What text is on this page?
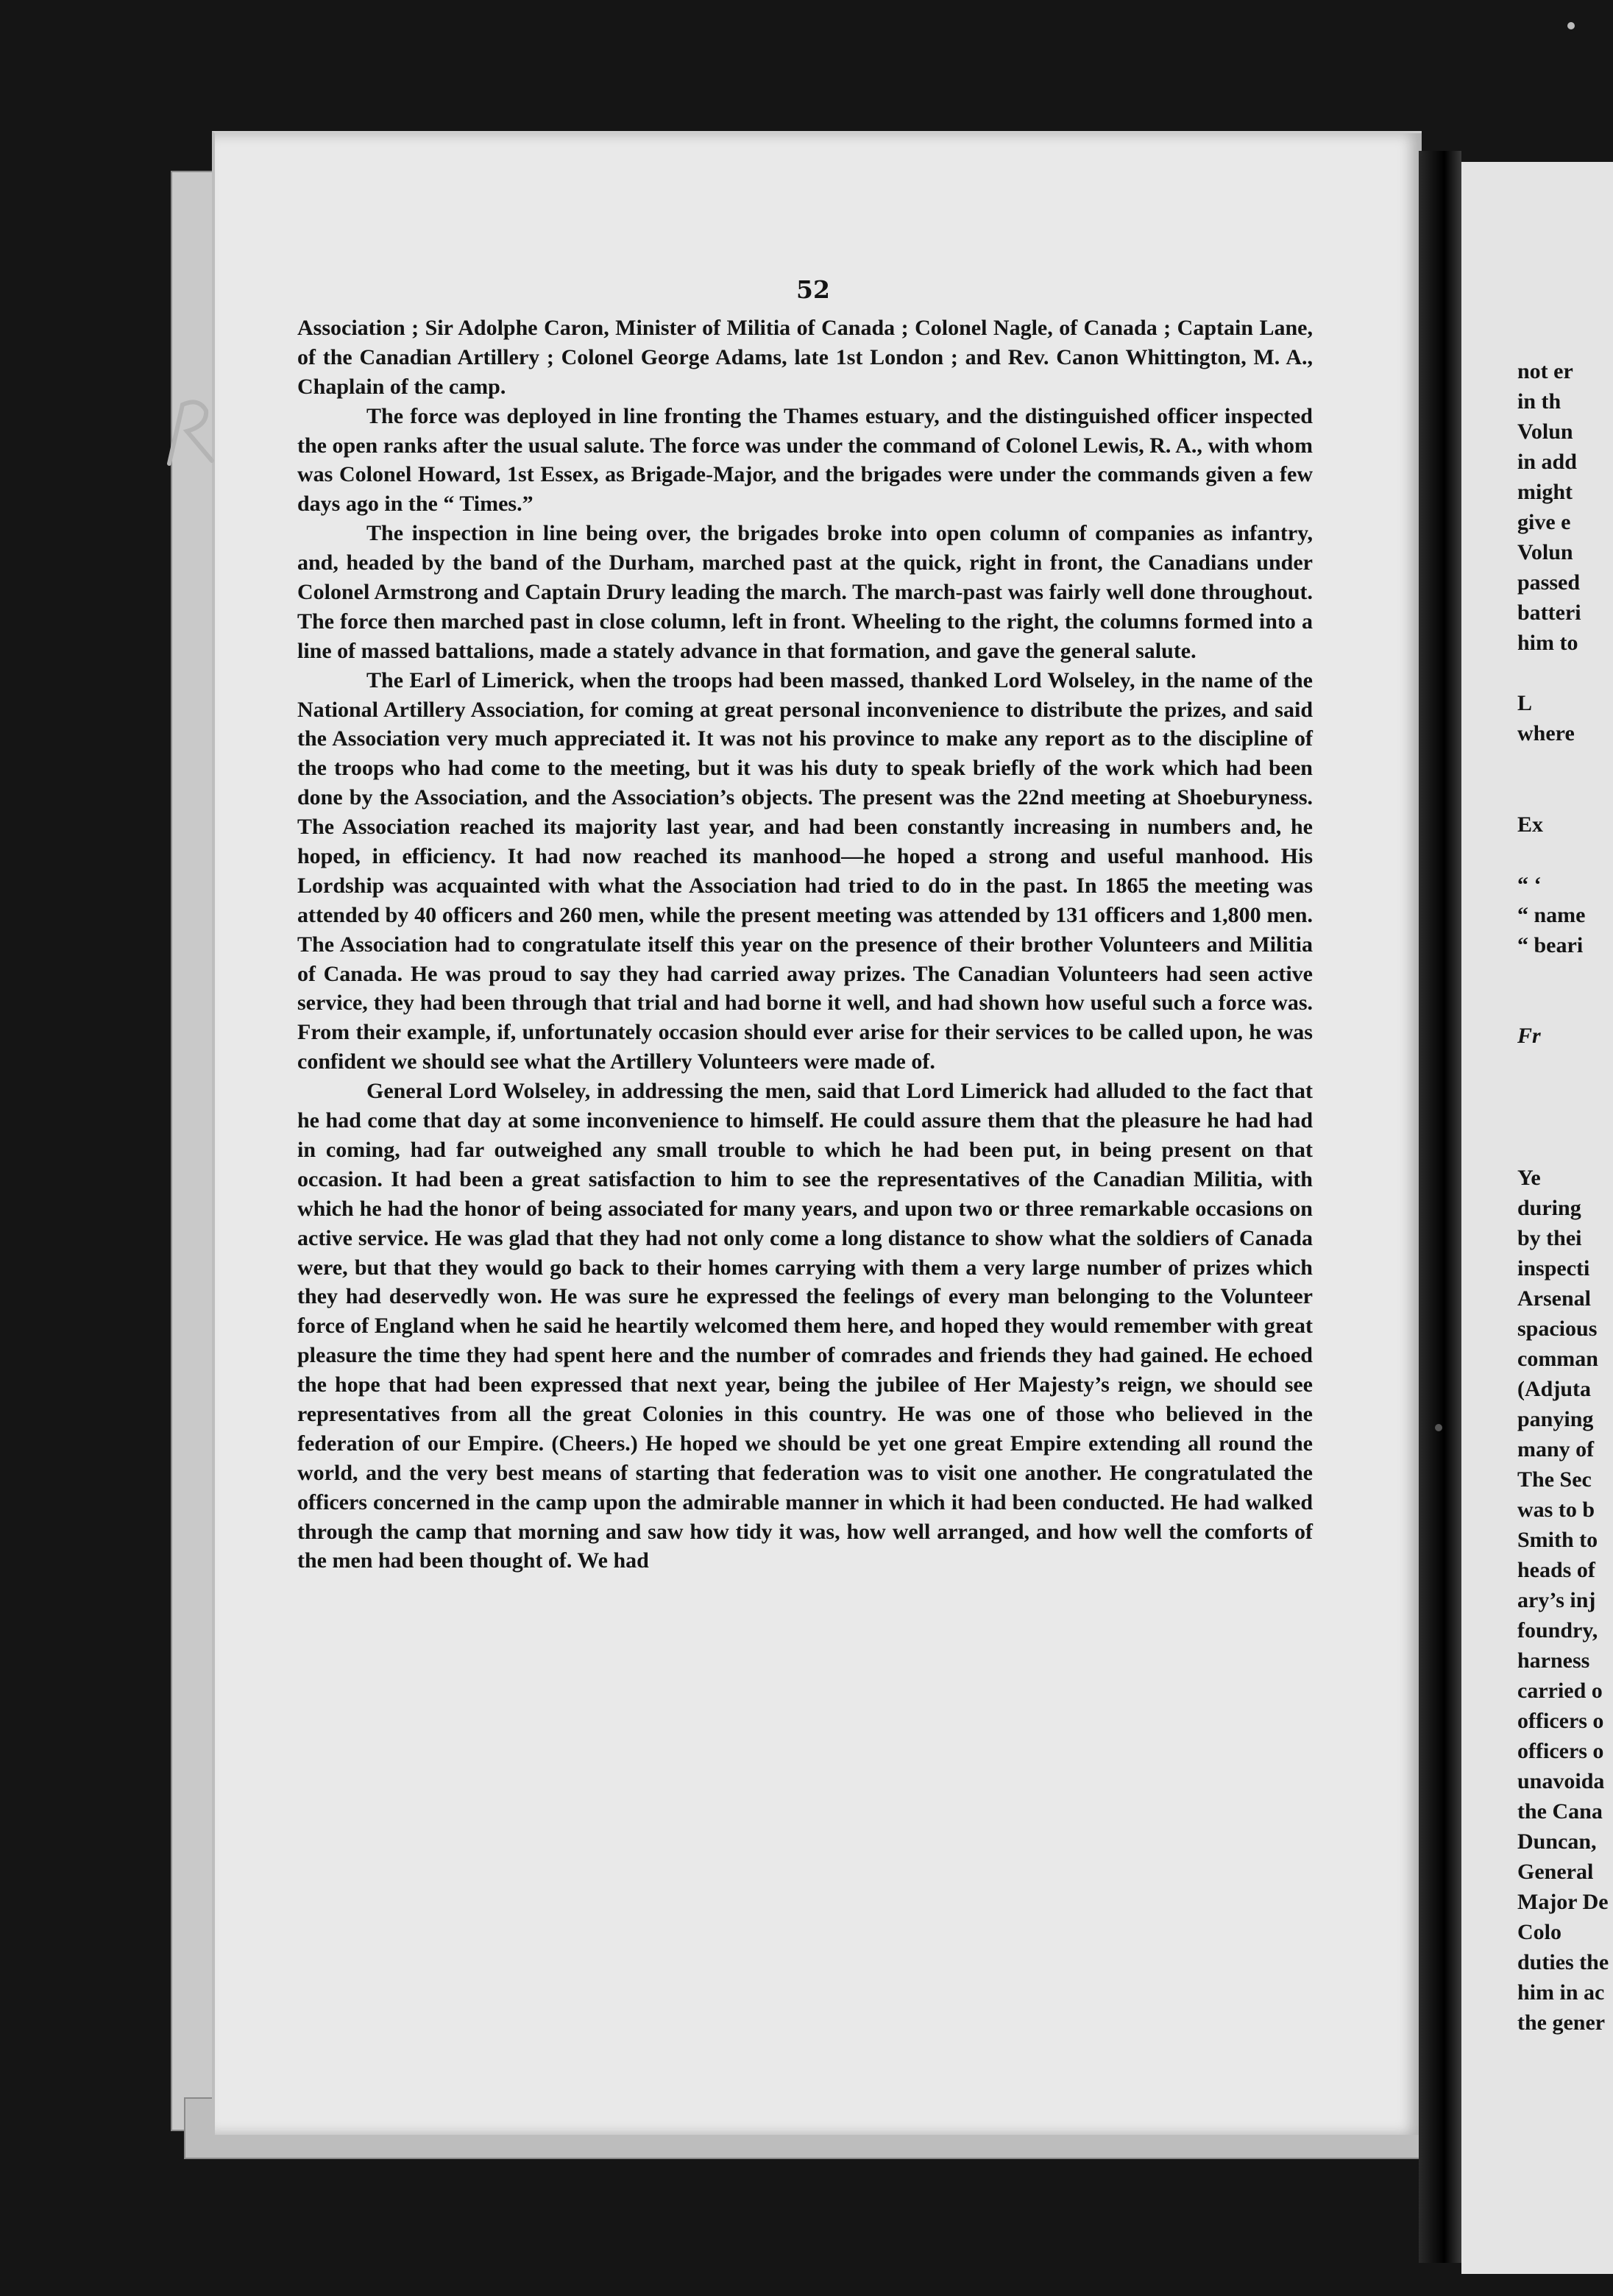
52

Association ; Sir Adolphe Caron, Minister of Militia of Canada ; Colonel Nagle, of Canada ; Captain Lane, of the Canadian Artillery ; Colonel George Adams, late 1st London ; and Rev. Canon Whittington, M. A., Chaplain of the camp.

The force was deployed in line fronting the Thames estuary, and the distinguished officer inspected the open ranks after the usual salute. The force was under the command of Colonel Lewis, R. A., with whom was Colonel Howard, 1st Essex, as Brigade-Major, and the brigades were under the commands given a few days ago in the “ Times.”

The inspection in line being over, the brigades broke into open column of companies as infantry, and, headed by the band of the Durham, marched past at the quick, right in front, the Canadians under Colonel Armstrong and Captain Drury leading the march. The march-past was fairly well done throughout. The force then marched past in close column, left in front. Wheeling to the right, the columns formed into a line of massed battalions, made a stately advance in that formation, and gave the general salute.

The Earl of Limerick, when the troops had been massed, thanked Lord Wolseley, in the name of the National Artillery Association, for coming at great personal inconvenience to distribute the prizes, and said the Association very much appreciated it. It was not his province to make any report as to the discipline of the troops who had come to the meeting, but it was his duty to speak briefly of the work which had been done by the Association, and the Association’s objects. The present was the 22nd meeting at Shoeburyness. The Association reached its majority last year, and had been constantly increasing in numbers and, he hoped, in efficiency. It had now reached its manhood—he hoped a strong and useful manhood. His Lordship was acquainted with what the Association had tried to do in the past. In 1865 the meeting was attended by 40 officers and 260 men, while the present meeting was attended by 131 officers and 1,800 men. The Association had to congratulate itself this year on the presence of their brother Volunteers and Militia of Canada. He was proud to say they had carried away prizes. The Canadian Volunteers had seen active service, they had been through that trial and had borne it well, and had shown how useful such a force was. From their example, if, unfortunately occasion should ever arise for their services to be called upon, he was confident we should see what the Artillery Volunteers were made of.

General Lord Wolseley, in addressing the men, said that Lord Limerick had alluded to the fact that he had come that day at some inconvenience to himself. He could assure them that the pleasure he had had in coming, had far outweighed any small trouble to which he had been put, in being present on that occasion. It had been a great satisfaction to him to see the representatives of the Canadian Militia, with which he had the honor of being associated for many years, and upon two or three remarkable occasions on active service. He was glad that they had not only come a long distance to show what the soldiers of Canada were, but that they would go back to their homes carrying with them a very large number of prizes which they had deservedly won. He was sure he expressed the feelings of every man belonging to the Volunteer force of England when he said he heartily welcomed them here, and hoped they would remember with great pleasure the time they had spent here and the number of comrades and friends they had gained. He echoed the hope that had been expressed that next year, being the jubilee of Her Majesty’s reign, we should see representatives from all the great Colonies in this country. He was one of those who believed in the federation of our Empire. (Cheers.) He hoped we should be yet one great Empire extending all round the world, and the very best means of starting that federation was to visit one another. He congratulated the officers concerned in the camp upon the admirable manner in which it had been conducted. He had walked through the camp that morning and saw how tidy it was, how well arranged, and how well the comforts of the men had been thought of. We had

not er
in th
Volun
in add
might
give e
Volun
passed
batteri
him to
L
where
Ex
“ ‘
“ name
“ beari
Fr
Ye
during
by thei
inspecti
Arsenal
spacious
comman
(Adjuta
panying
many of
The Sec
was to b
Smith to
heads of
ary’s inj
foundry,
harness
carried o
officers o
officers o
unavoida
the Cana
Duncan,
General
Major De
Colo
duties the
him in ac
the gener
